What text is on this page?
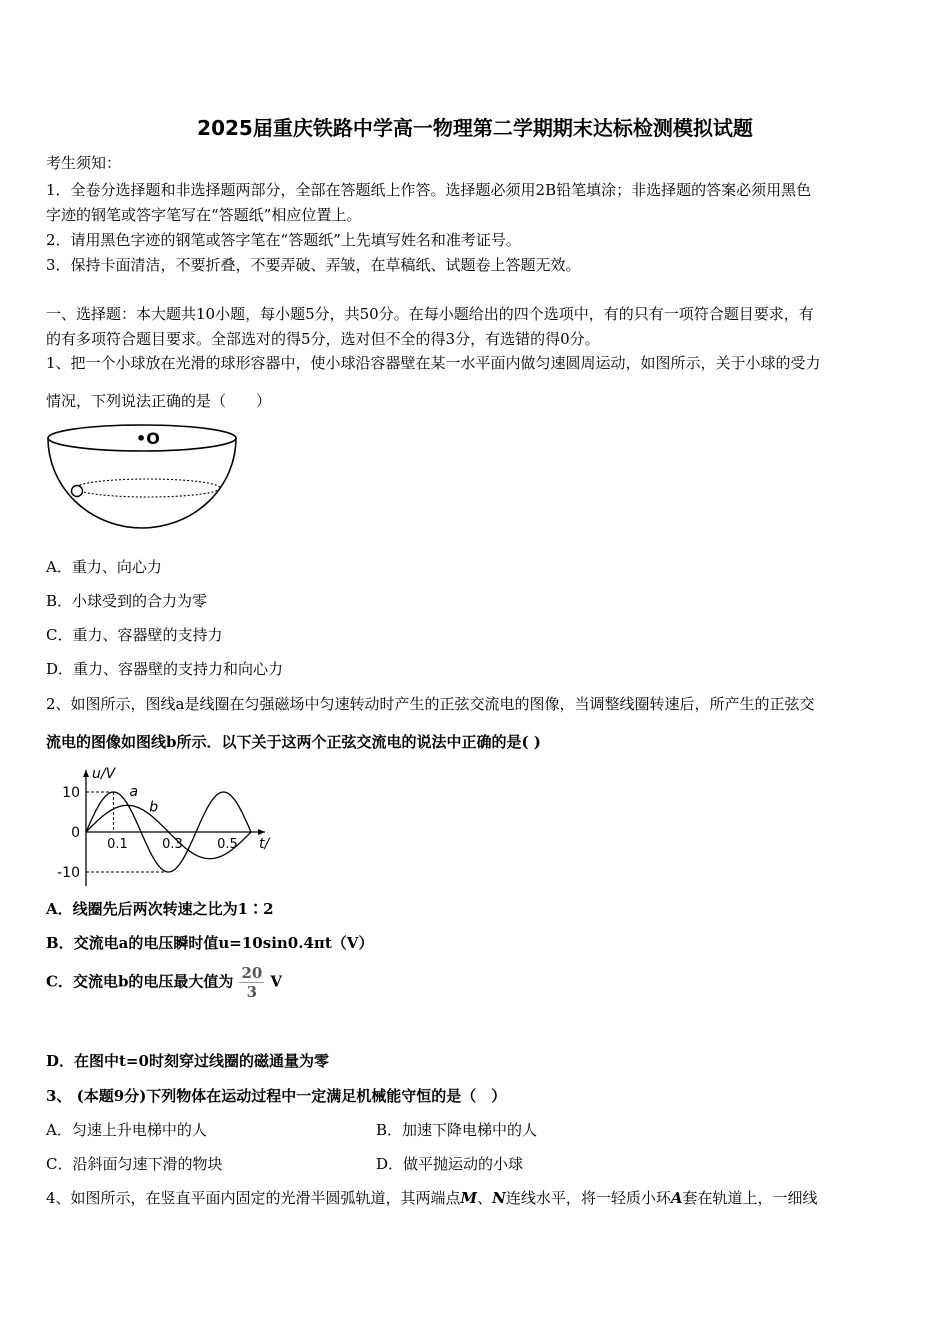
2025届重庆铁路中学高一物理第二学期期末达标检测模拟试题
考生须知：
1．全卷分选择题和非选择题两部分，全部在答题纸上作答。选择题必须用2B铅笔填涂；非选择题的答案必须用黑色
字迹的钢笔或答字笔写在“答题纸”相应位置上。
2．请用黑色字迹的钢笔或答字笔在“答题纸”上先填写姓名和准考证号。
3．保持卡面清洁，不要折叠，不要弄破、弄皱，在草稿纸、试题卷上答题无效。
一、选择题：本大题共10小题，每小题5分，共50分。在每小题给出的四个选项中，有的只有一项符合题目要求，有
的有多项符合题目要求。全部选对的得5分，选对但不全的得3分，有选错的得0分。
1、把一个小球放在光滑的球形容器中，使小球沿容器壁在某一水平面内做匀速圆周运动，如图所示，关于小球的受力
情况，下列说法正确的是（　　）
•O
A．重力、向心力
B．小球受到的合力为零
C．重力、容器壁的支持力
D．重力、容器壁的支持力和向心力
2、如图所示，图线a是线圈在匀强磁场中匀速转动时产生的正弦交流电的图像，当调整线圈转速后，所产生的正弦交
流电的图像如图线b所示．以下关于这两个正弦交流电的说法中正确的是( )
10
0
-10
0.1	0.3	0.5
u/V
t/
a
b
A．线圈先后两次转速之比为1∶2
B．交流电a的电压瞬时值u=10sin0.4πt（V）
C．交流电b的电压最大值为 $\frac{20}{3}$ V
D．在图中t=0时刻穿过线圈的磁通量为零
3、 (本题9分)下列物体在运动过程中一定满足机械能守恒的是（　）
A．匀速上升电梯中的人	B．加速下降电梯中的人
C．沿斜面匀速下滑的物块	D．做平抛运动的小球
4、如图所示，在竖直平面内固定的光滑半圆弧轨道，其两端点M、N连线水平，将一轻质小环A套在轨道上，一细线
